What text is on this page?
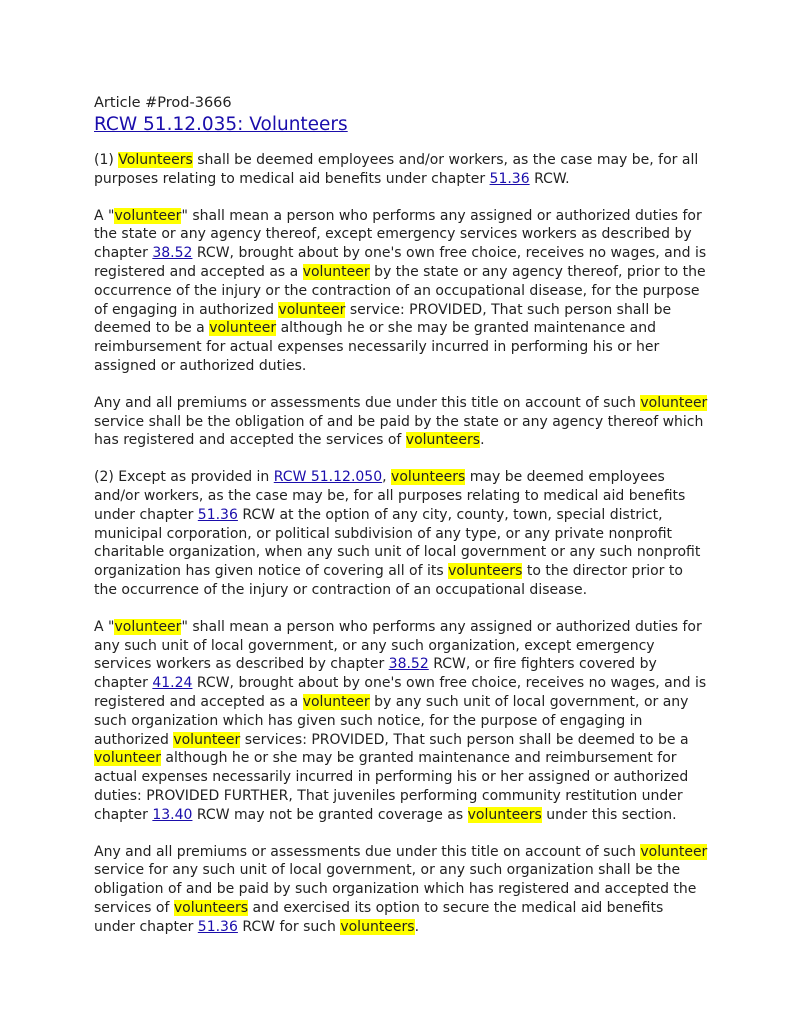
Article #Prod-3666
RCW 51.12.035: Volunteers

(1) Volunteers shall be deemed employees and/or workers, as the case may be, for all purposes relating to medical aid benefits under chapter 51.36 RCW.

A "volunteer" shall mean a person who performs any assigned or authorized duties for the state or any agency thereof, except emergency services workers as described by chapter 38.52 RCW, brought about by one's own free choice, receives no wages, and is registered and accepted as a volunteer by the state or any agency thereof, prior to the occurrence of the injury or the contraction of an occupational disease, for the purpose of engaging in authorized volunteer service: PROVIDED, That such person shall be deemed to be a volunteer although he or she may be granted maintenance and reimbursement for actual expenses necessarily incurred in performing his or her assigned or authorized duties.

Any and all premiums or assessments due under this title on account of such volunteer service shall be the obligation of and be paid by the state or any agency thereof which has registered and accepted the services of volunteers.

(2) Except as provided in RCW 51.12.050, volunteers may be deemed employees and/or workers, as the case may be, for all purposes relating to medical aid benefits under chapter 51.36 RCW at the option of any city, county, town, special district, municipal corporation, or political subdivision of any type, or any private nonprofit charitable organization, when any such unit of local government or any such nonprofit organization has given notice of covering all of its volunteers to the director prior to the occurrence of the injury or contraction of an occupational disease.

A "volunteer" shall mean a person who performs any assigned or authorized duties for any such unit of local government, or any such organization, except emergency services workers as described by chapter 38.52 RCW, or fire fighters covered by chapter 41.24 RCW, brought about by one's own free choice, receives no wages, and is registered and accepted as a volunteer by any such unit of local government, or any such organization which has given such notice, for the purpose of engaging in authorized volunteer services: PROVIDED, That such person shall be deemed to be a volunteer although he or she may be granted maintenance and reimbursement for actual expenses necessarily incurred in performing his or her assigned or authorized duties: PROVIDED FURTHER, That juveniles performing community restitution under chapter 13.40 RCW may not be granted coverage as volunteers under this section.

Any and all premiums or assessments due under this title on account of such volunteer service for any such unit of local government, or any such organization shall be the obligation of and be paid by such organization which has registered and accepted the services of volunteers and exercised its option to secure the medical aid benefits under chapter 51.36 RCW for such volunteers.
